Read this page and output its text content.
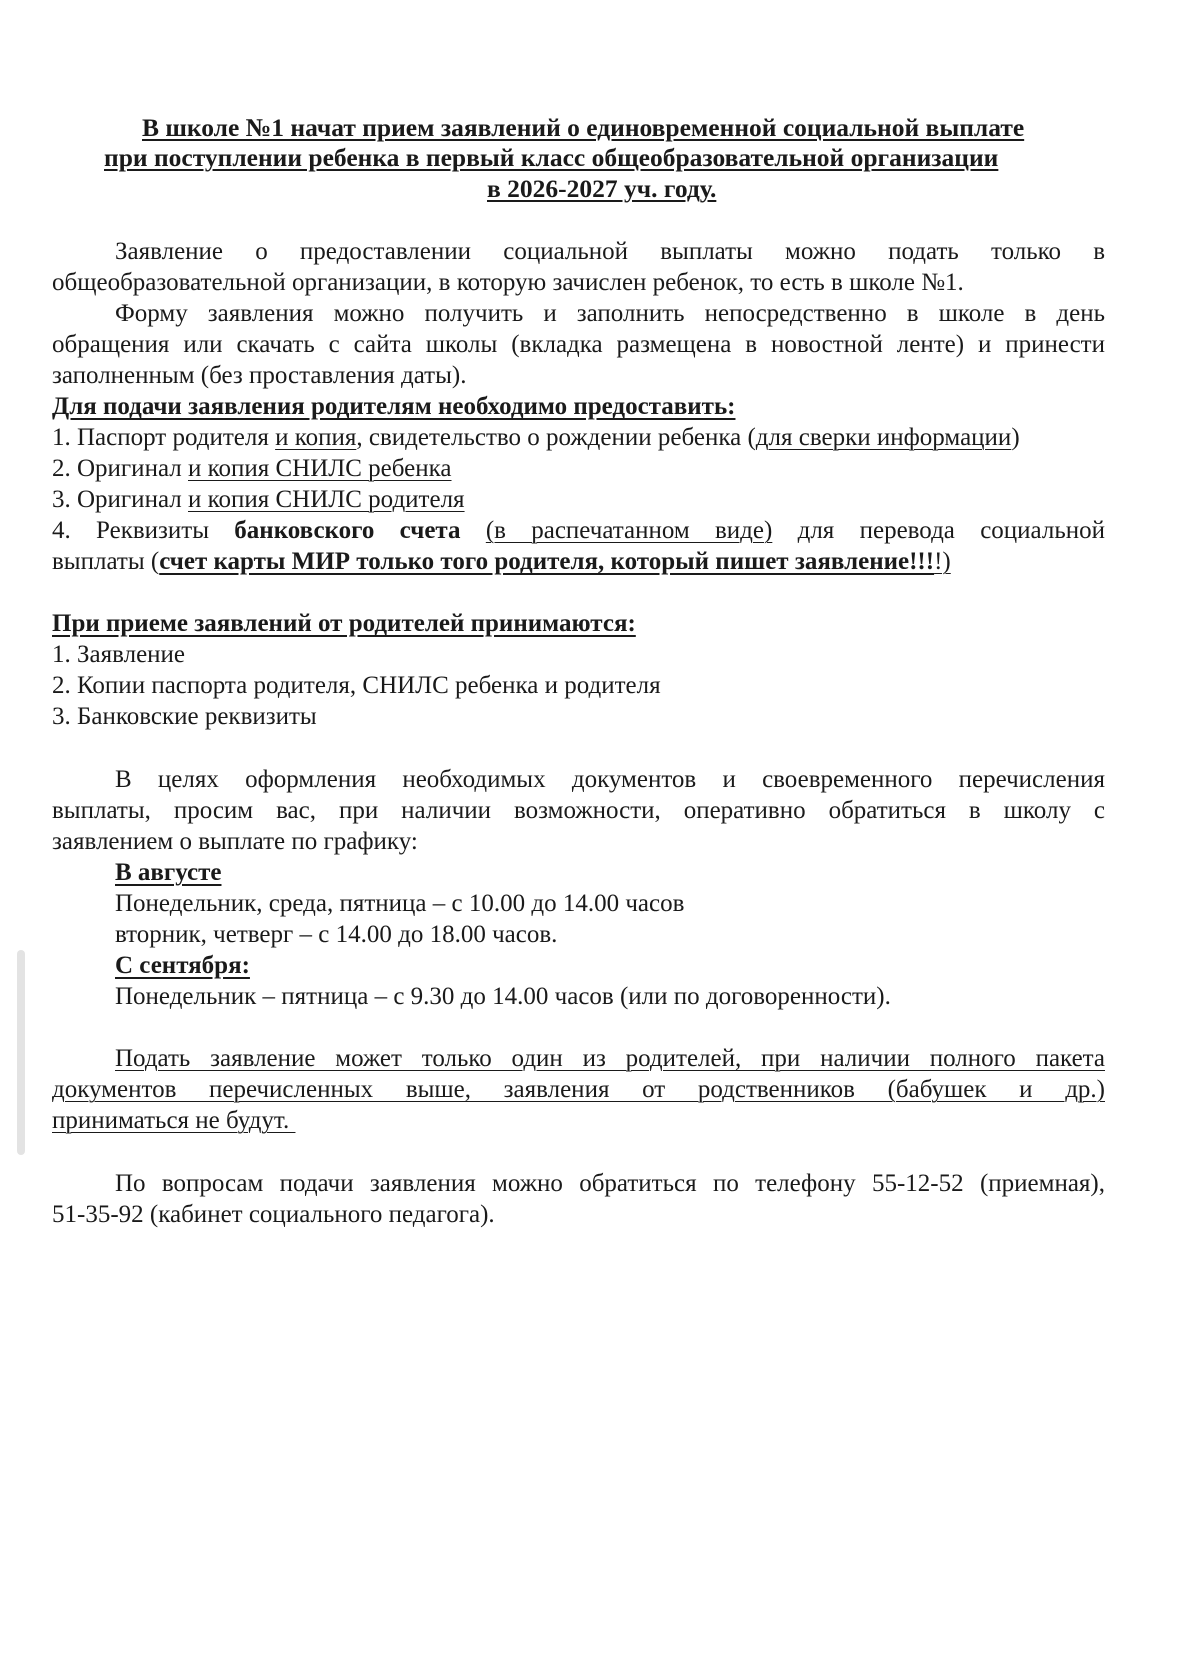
В школе №1 начат прием заявлений о единовременной социальной выплате
при поступлении ребенка в первый класс общеобразовательной организации
в 2026-2027 уч. году.
Заявление о предоставлении социальной выплаты можно подать только в
общеобразовательной организации, в которую зачислен ребенок, то есть в школе №1.
Форму заявления можно получить и заполнить непосредственно в школе в день
обращения или скачать с сайта школы (вкладка размещена в новостной ленте) и принести
заполненным (без проставления даты).
Для подачи заявления родителям необходимо предоставить:
1. Паспорт родителя и копия, свидетельство о рождении ребенка (для сверки информации)
2. Оригинал и копия СНИЛС ребенка
3. Оригинал и копия СНИЛС родителя
4. Реквизиты банковского счета (в распечатанном виде) для перевода социальной
выплаты (счет карты МИР только того родителя, который пишет заявление!!!!)
При приеме заявлений от родителей принимаются:
1. Заявление
2. Копии паспорта родителя, СНИЛС ребенка и родителя
3. Банковские реквизиты
В целях оформления необходимых документов и своевременного перечисления
выплаты, просим вас, при наличии возможности, оперативно обратиться в школу с
заявлением о выплате по графику:
В августе
Понедельник, среда, пятница – с 10.00 до 14.00 часов
вторник, четверг – с 14.00 до 18.00 часов.
С сентября:
Понедельник – пятница – с 9.30 до 14.00 часов (или по договоренности).
Подать заявление может только один из родителей, при наличии полного пакета
документов перечисленных выше, заявления от родственников (бабушек и др.)
приниматься не будут.
По вопросам подачи заявления можно обратиться по телефону 55-12-52 (приемная),
51-35-92 (кабинет социального педагога).
